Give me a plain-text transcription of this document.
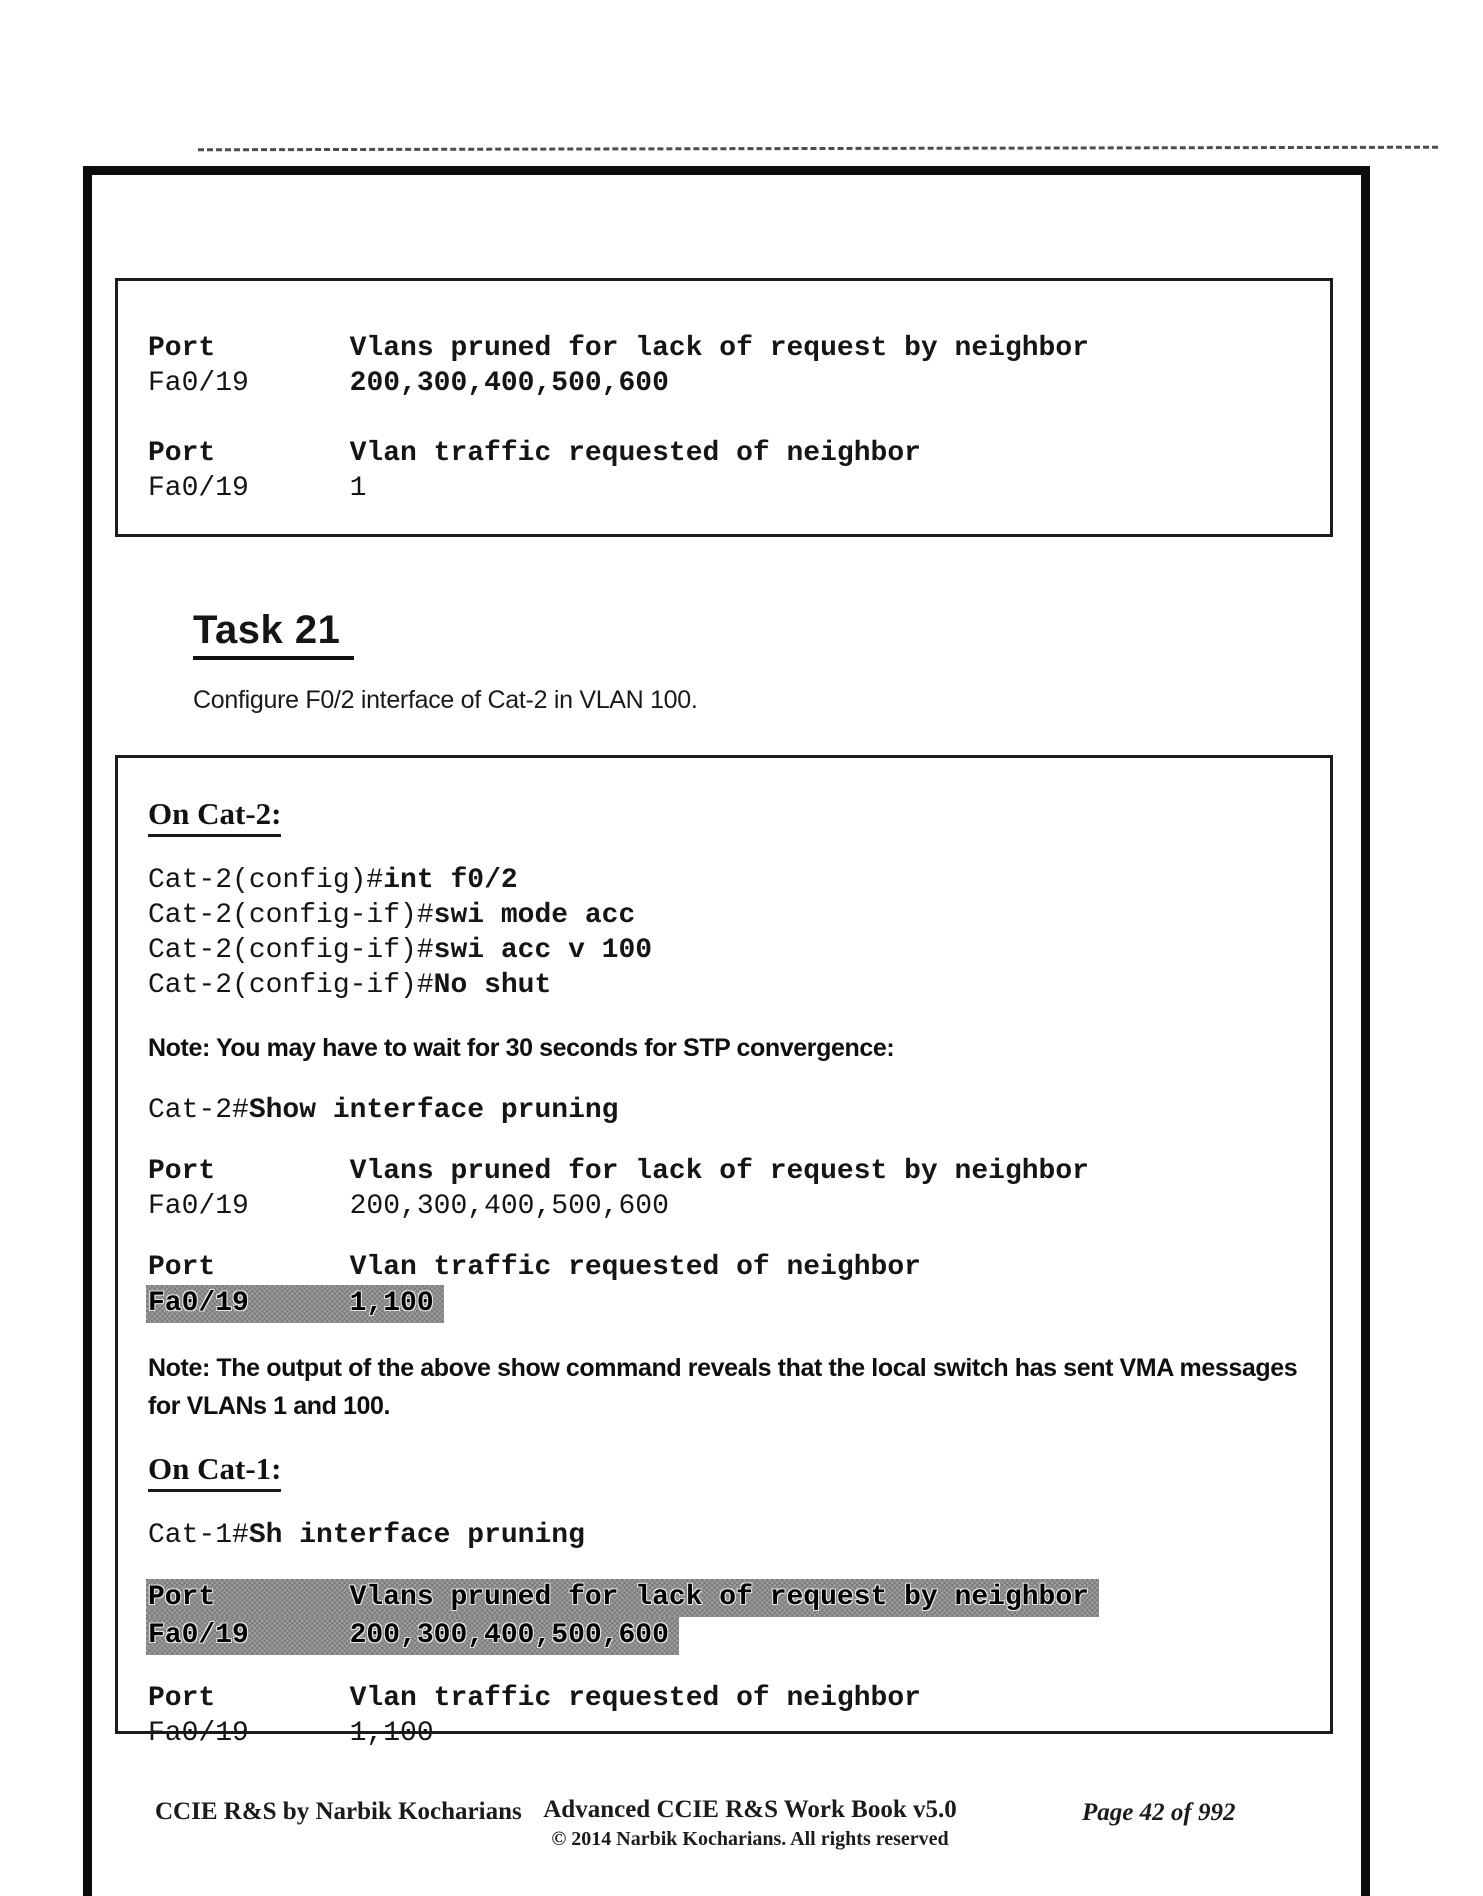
Port        Vlans pruned for lack of request by neighbor
Fa0/19      200,300,400,500,600
Port        Vlan traffic requested of neighbor
Fa0/19      1
Task 21
Configure F0/2 interface of Cat-2 in VLAN 100.
On Cat-2:
Cat-2(config)#int f0/2
Cat-2(config-if)#swi mode acc
Cat-2(config-if)#swi acc v 100
Cat-2(config-if)#No shut
Note: You may have to wait for 30 seconds for STP convergence:
Cat-2#Show interface pruning
Port        Vlans pruned for lack of request by neighbor
Fa0/19      200,300,400,500,600
Port        Vlan traffic requested of neighbor
Fa0/19      1,100
Note: The output of the above show command reveals that the local switch has sent VMA messages for VLANs 1 and 100.
On Cat-1:
Cat-1#Sh interface pruning
Port        Vlans pruned for lack of request by neighbor
Fa0/19      200,300,400,500,600
Port        Vlan traffic requested of neighbor
Fa0/19      1,100
CCIE R&S by Narbik Kocharians Advanced CCIE R&S Work Book v5.0
© 2014 Narbik Kocharians. All rights reserved
Page 42 of 992
